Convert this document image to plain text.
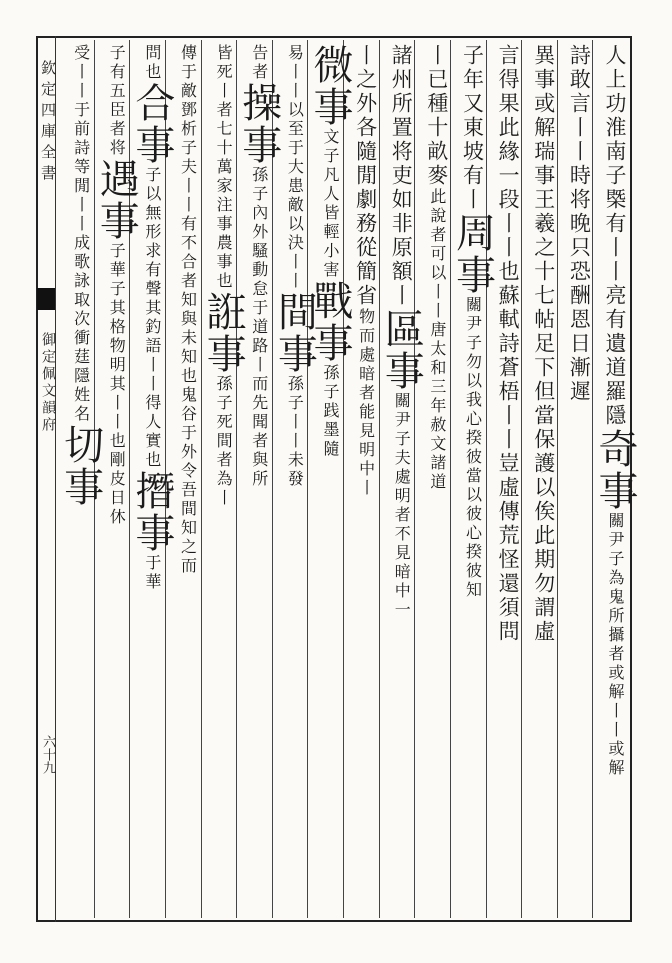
欽定四庫全書
御定佩文韻府
六十九
人上功淮南子㮣有丨丨亮有遺道羅隱奇事關尹子為鬼所攝者或解丨丨或解
詩敢言丨丨時将晚只恐酬恩日漸遲
異事或解瑞事王羲之十七帖足下但當保護以俟此期勿謂虛
言得果此緣一段丨丨也蘇軾詩蒼梧丨丨豈虛傳荒怪還須問
子年又東坡有丨周事關尹子勿以我心揆彼當以彼心揆彼知
丨已種十畝麥此說者可以丨丨唐太和三年赦文諸道
諸州所置将吏如非原額丨區事關尹子夫處明者不見暗中一
丨之外各隨閒劇務從簡省物而處暗者能見明中丨
微事文子凡人皆輕小害戰事孫子践墨隨
易丨丨以至于大患敵以決丨丨間事孫子丨丨未發
告者操事孫子內外騷動怠于道路丨而先聞者與所
皆死丨者七十萬家注事農事也誑事孫子死間者為丨
傳于敵鄧析子夫丨丨有不合者知與未知也鬼谷于外令吾間知之而
問也合事子以無形求有聲其釣語丨丨得人實也撍事于華
子有五臣者将遇事子華子其格物明其丨丨也剛皮日休
受丨丨于前詩等閒丨丨成歌詠取次衝莛隱姓名切事
